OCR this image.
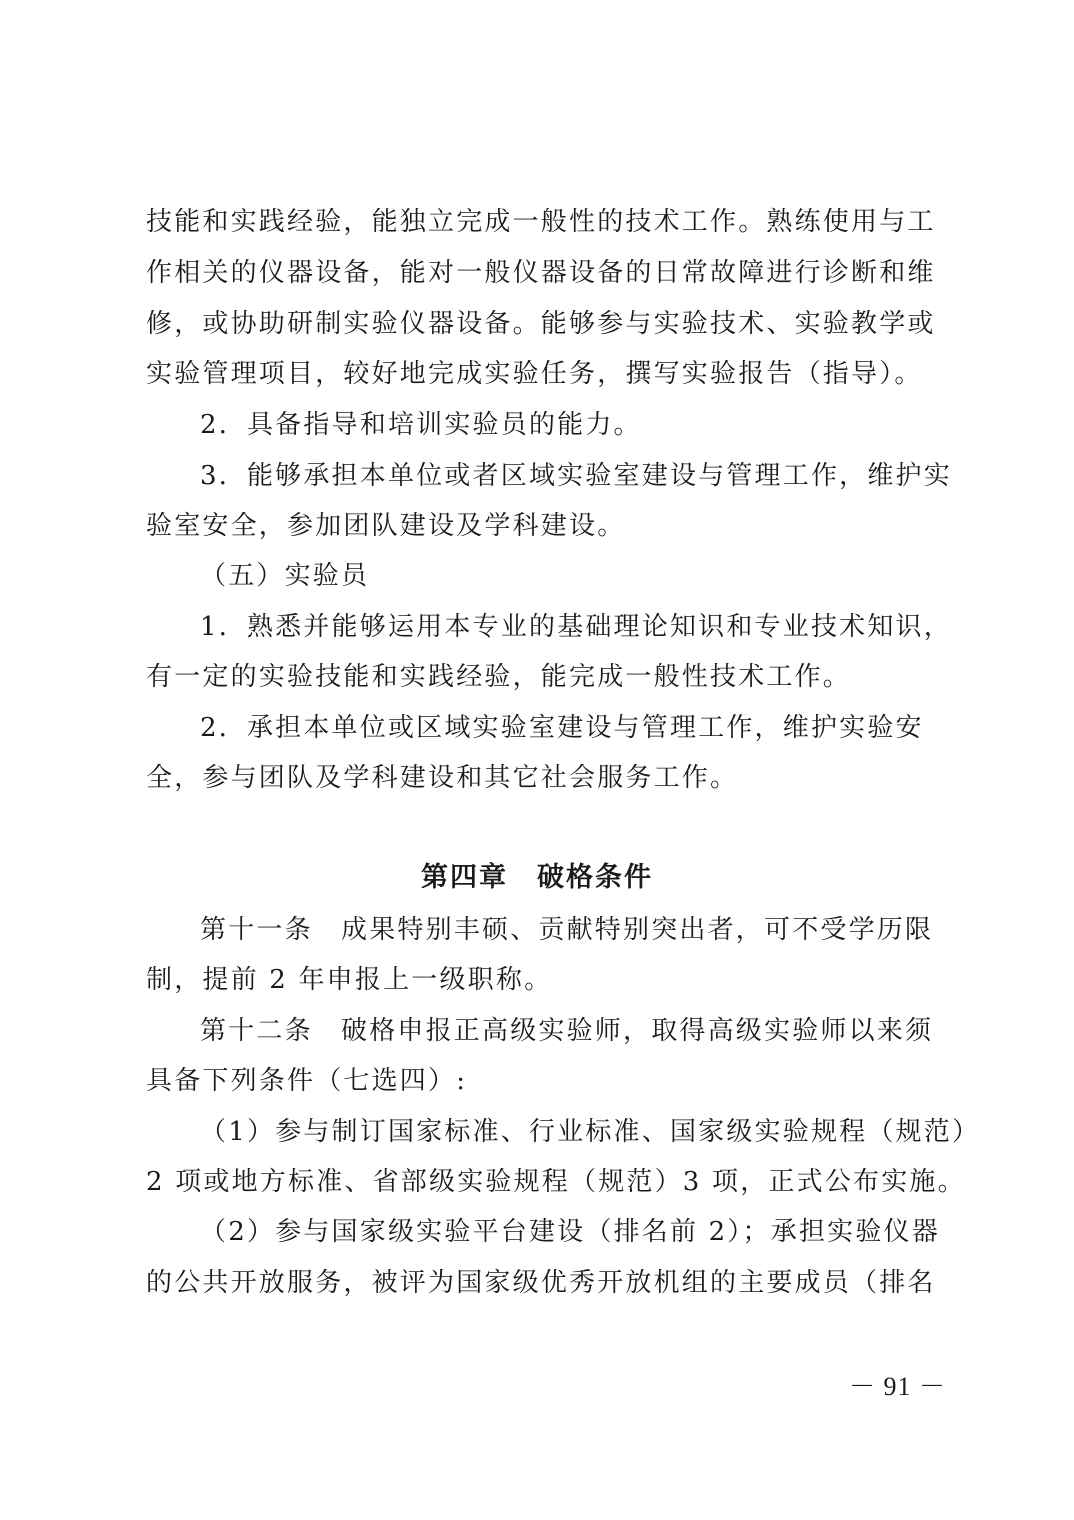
技能和实践经验，能独立完成一般性的技术工作。熟练使用与工
作相关的仪器设备，能对一般仪器设备的日常故障进行诊断和维
修，或协助研制实验仪器设备。能够参与实验技术、实验教学或
实验管理项目，较好地完成实验任务，撰写实验报告（指导）。
2．具备指导和培训实验员的能力。
3．能够承担本单位或者区域实验室建设与管理工作，维护实
验室安全，参加团队建设及学科建设。
（五）实验员
1．熟悉并能够运用本专业的基础理论知识和专业技术知识，
有一定的实验技能和实践经验，能完成一般性技术工作。
2．承担本单位或区域实验室建设与管理工作，维护实验安
全，参与团队及学科建设和其它社会服务工作。
第四章　破格条件
第十一条　成果特别丰硕、贡献特别突出者，可不受学历限
制，提前 2 年申报上一级职称。
第十二条　破格申报正高级实验师，取得高级实验师以来须
具备下列条件（七选四）:
（1）参与制订国家标准、行业标准、国家级实验规程（规范）
2 项或地方标准、省部级实验规程（规范）3 项，正式公布实施。
（2）参与国家级实验平台建设（排名前 2）；承担实验仪器
的公共开放服务，被评为国家级优秀开放机组的主要成员（排名
－ 91 －
